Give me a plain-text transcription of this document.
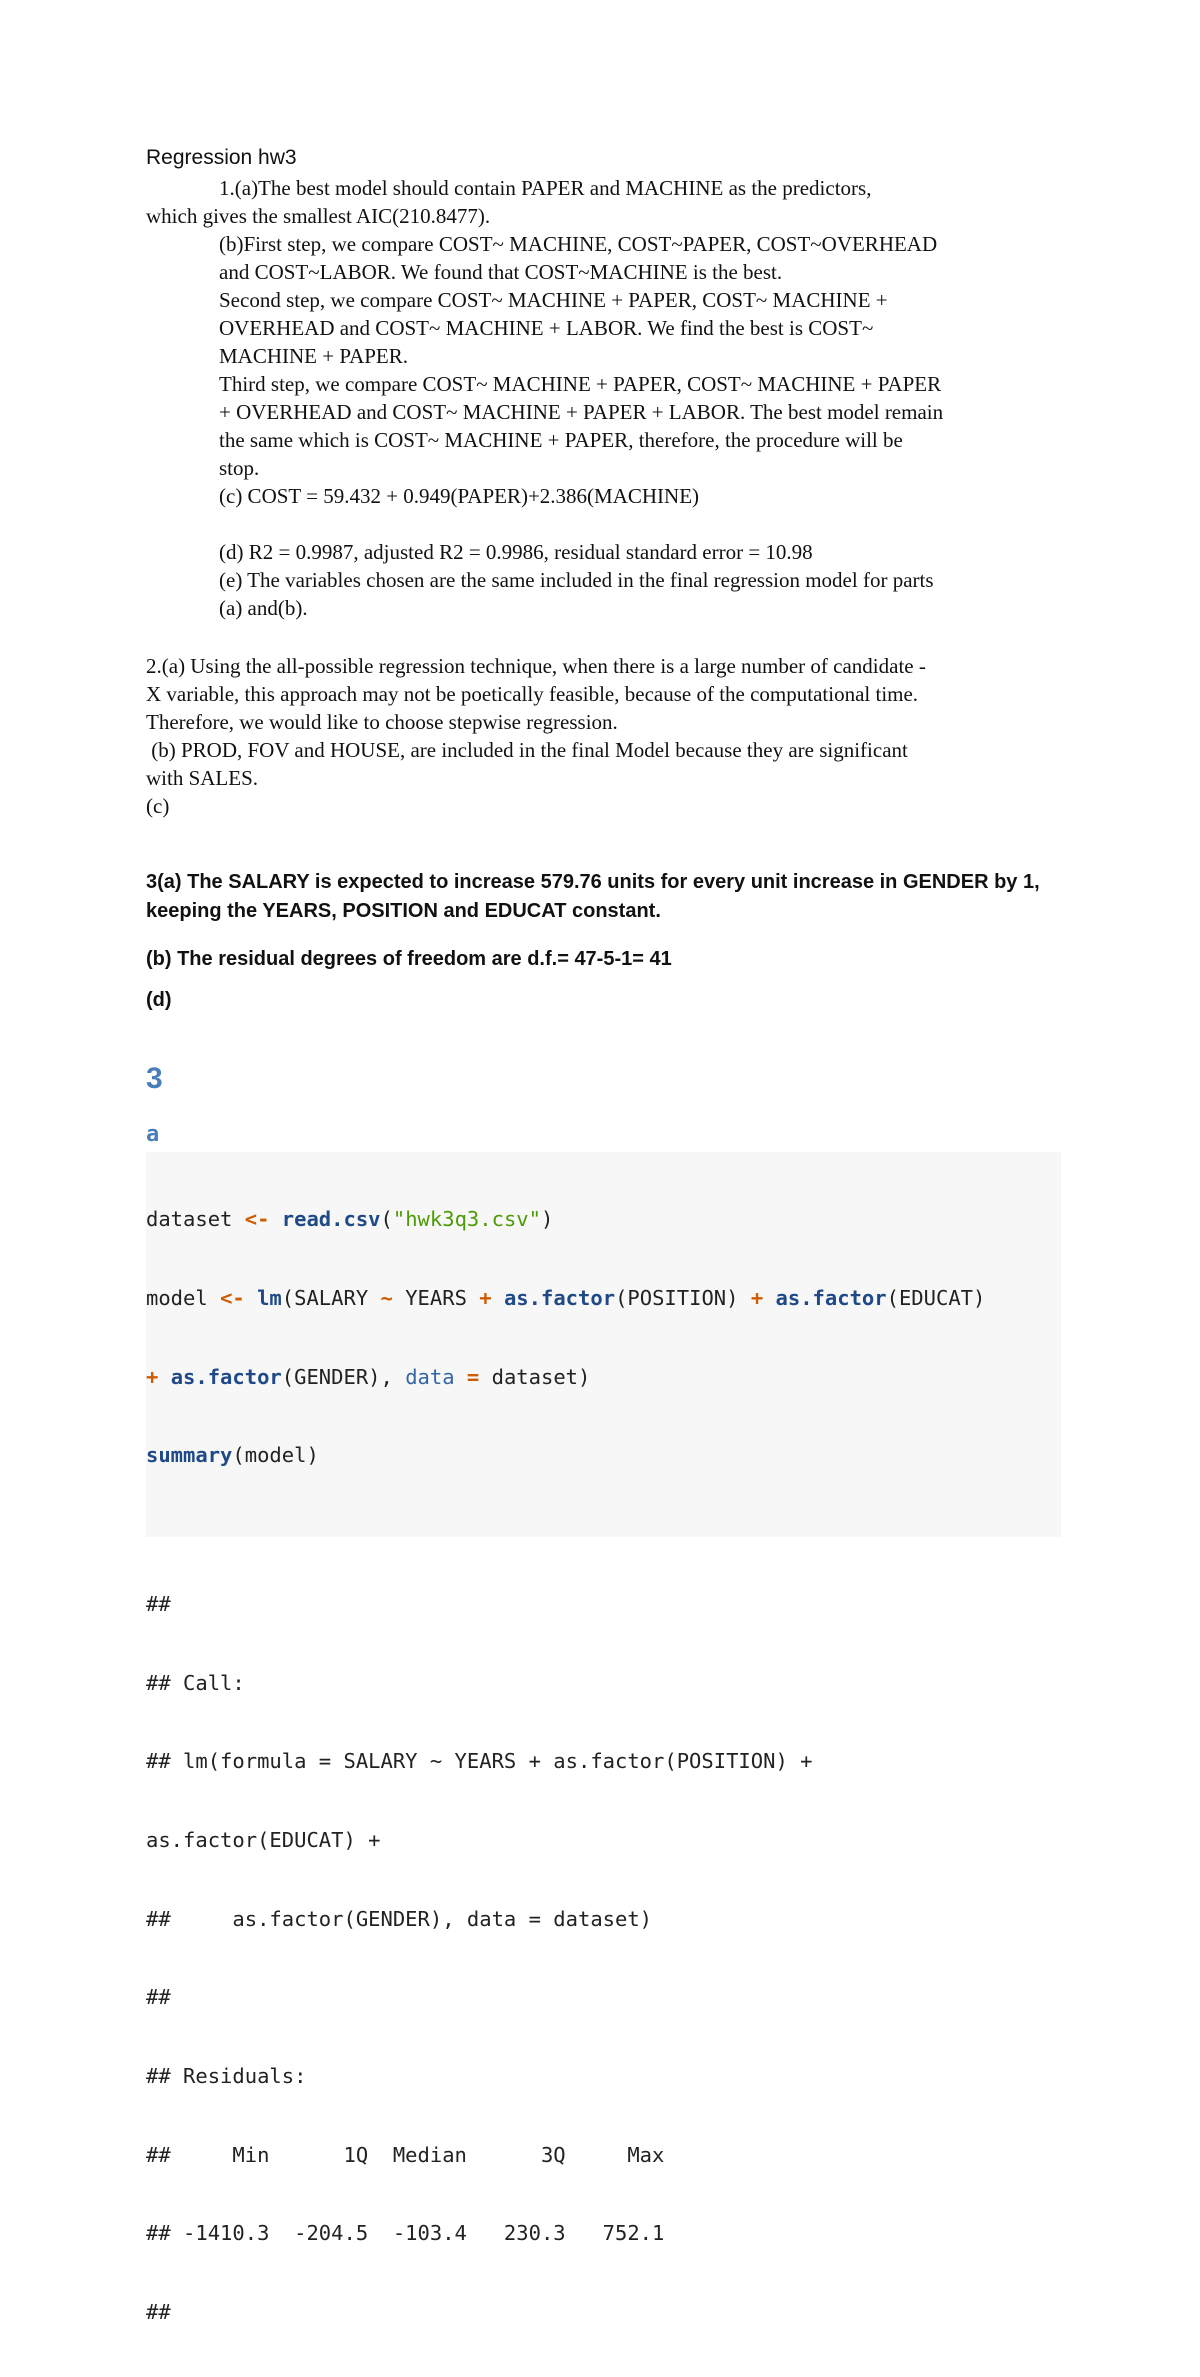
Regression hw3
1.(a)The best model should contain PAPER and MACHINE as the predictors,
which gives the smallest AIC(210.8477).
(b)First step, we compare COST~ MACHINE, COST~PAPER, COST~OVERHEAD
and COST~LABOR. We found that COST~MACHINE is the best.
Second step, we compare COST~ MACHINE + PAPER, COST~ MACHINE +
OVERHEAD and COST~ MACHINE + LABOR. We find the best is COST~
MACHINE + PAPER.
Third step, we compare COST~ MACHINE + PAPER, COST~ MACHINE + PAPER
+ OVERHEAD and COST~ MACHINE + PAPER + LABOR. The best model remain
the same which is COST~ MACHINE + PAPER, therefore, the procedure will be
stop.
(c) COST = 59.432 + 0.949(PAPER)+2.386(MACHINE)
(d) R2 = 0.9987, adjusted R2 = 0.9986, residual standard error = 10.98
(e) The variables chosen are the same included in the final regression model for parts
(a) and(b).
2.(a) Using the all-possible regression technique, when there is a large number of candidate -
X variable, this approach may not be poetically feasible, because of the computational time.
Therefore, we would like to choose stepwise regression.
(b) PROD, FOV and HOUSE, are included in the final Model because they are significant
with SALES.
(c)
3(a) The SALARY is expected to increase 579.76 units for every unit increase in GENDER by 1,
keeping the YEARS, POSITION and EDUCAT constant.
(b) The residual degrees of freedom are d.f.= 47-5-1= 41
(d)
3
a

dataset <- read.csv("hwk3q3.csv")

model <- lm(SALARY ~ YEARS + as.factor(POSITION) + as.factor(EDUCAT)

+ as.factor(GENDER), data = dataset)

summary(model)

##

## Call:

## lm(formula = SALARY ~ YEARS + as.factor(POSITION) +

as.factor(EDUCAT) +

##     as.factor(GENDER), data = dataset)

##

## Residuals:

##     Min      1Q  Median      3Q     Max

## -1410.3  -204.5  -103.4   230.3   752.1

##
